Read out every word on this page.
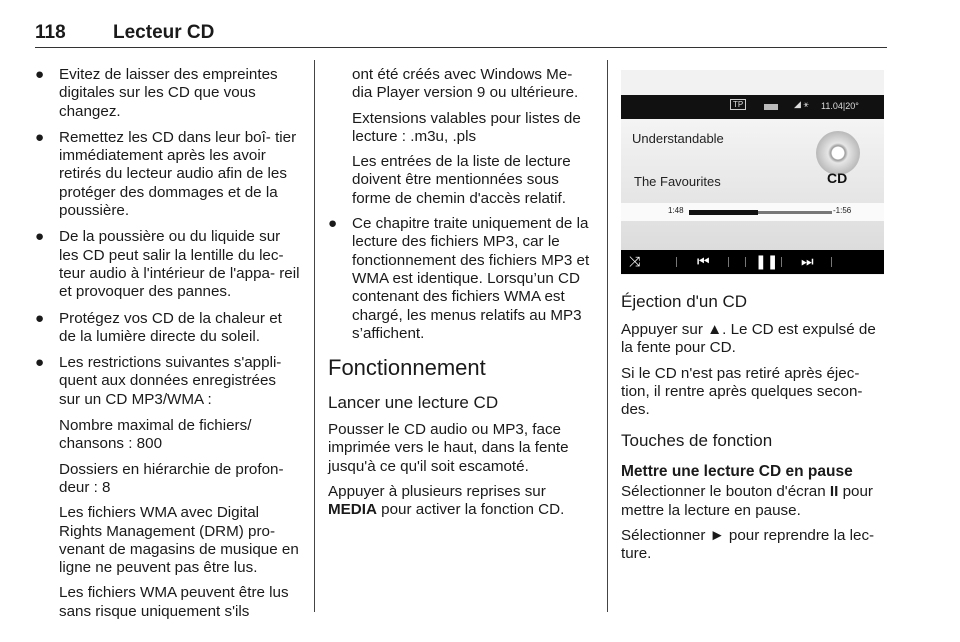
118 Lecteur CD
● Evitez de laisser des empreintes digitales sur les CD que vous changez.
● Remettez les CD dans leur boî- tier immédiatement après les avoir retirés du lecteur audio afin de les protéger des dommages et de la poussière.
● De la poussière ou du liquide sur les CD peut salir la lentille du lec- teur audio à l'intérieur de l'appa- reil et provoquer des pannes.
● Protégez vos CD de la chaleur et de la lumière directe du soleil.
● Les restrictions suivantes s'appli- quent aux données enregistrées sur un CD MP3/WMA :

Nombre maximal de fichiers/ chansons : 800

Dossiers en hiérarchie de profon- deur : 8

Les fichiers WMA avec Digital Rights Management (DRM) pro- venant de magasins de musique en ligne ne peuvent pas être lus.

Les fichiers WMA peuvent être lus sans risque uniquement s'ils

ont été créés avec Windows Me- dia Player version 9 ou ultérieure.

Extensions valables pour listes de lecture : .m3u, .pls

Les entrées de la liste de lecture doivent être mentionnées sous forme de chemin d'accès relatif.

● Ce chapitre traite uniquement de la lecture des fichiers MP3, car le fonctionnement des fichiers MP3 et WMA est identique. Lorsqu’un CD contenant des fichiers WMA est chargé, les menus relatifs au MP3 s’affichent.
Fonctionnement
Lancer une lecture CD

Pousser le CD audio ou MP3, face imprimée vers le haut, dans la fente jusqu'à ce qu'il soit escamoté.

Appuyer à plusieurs reprises sur MEDIA pour activer la fonction CD.

TP	◢ ⚹ 11.04|20°
Understandable
The Favourites	CD
1:48	-1:56
⤨	⏮	❚❚ ⏭
Éjection d'un CD

Appuyer sur ▲. Le CD est expulsé de la fente pour CD.

Si le CD n'est pas retiré après éjec- tion, il rentre après quelques secon- des.

Touches de fonction
Mettre une lecture CD en pause

Sélectionner le bouton d'écran II pour mettre la lecture en pause.

Sélectionner ► pour reprendre la lec- ture.
